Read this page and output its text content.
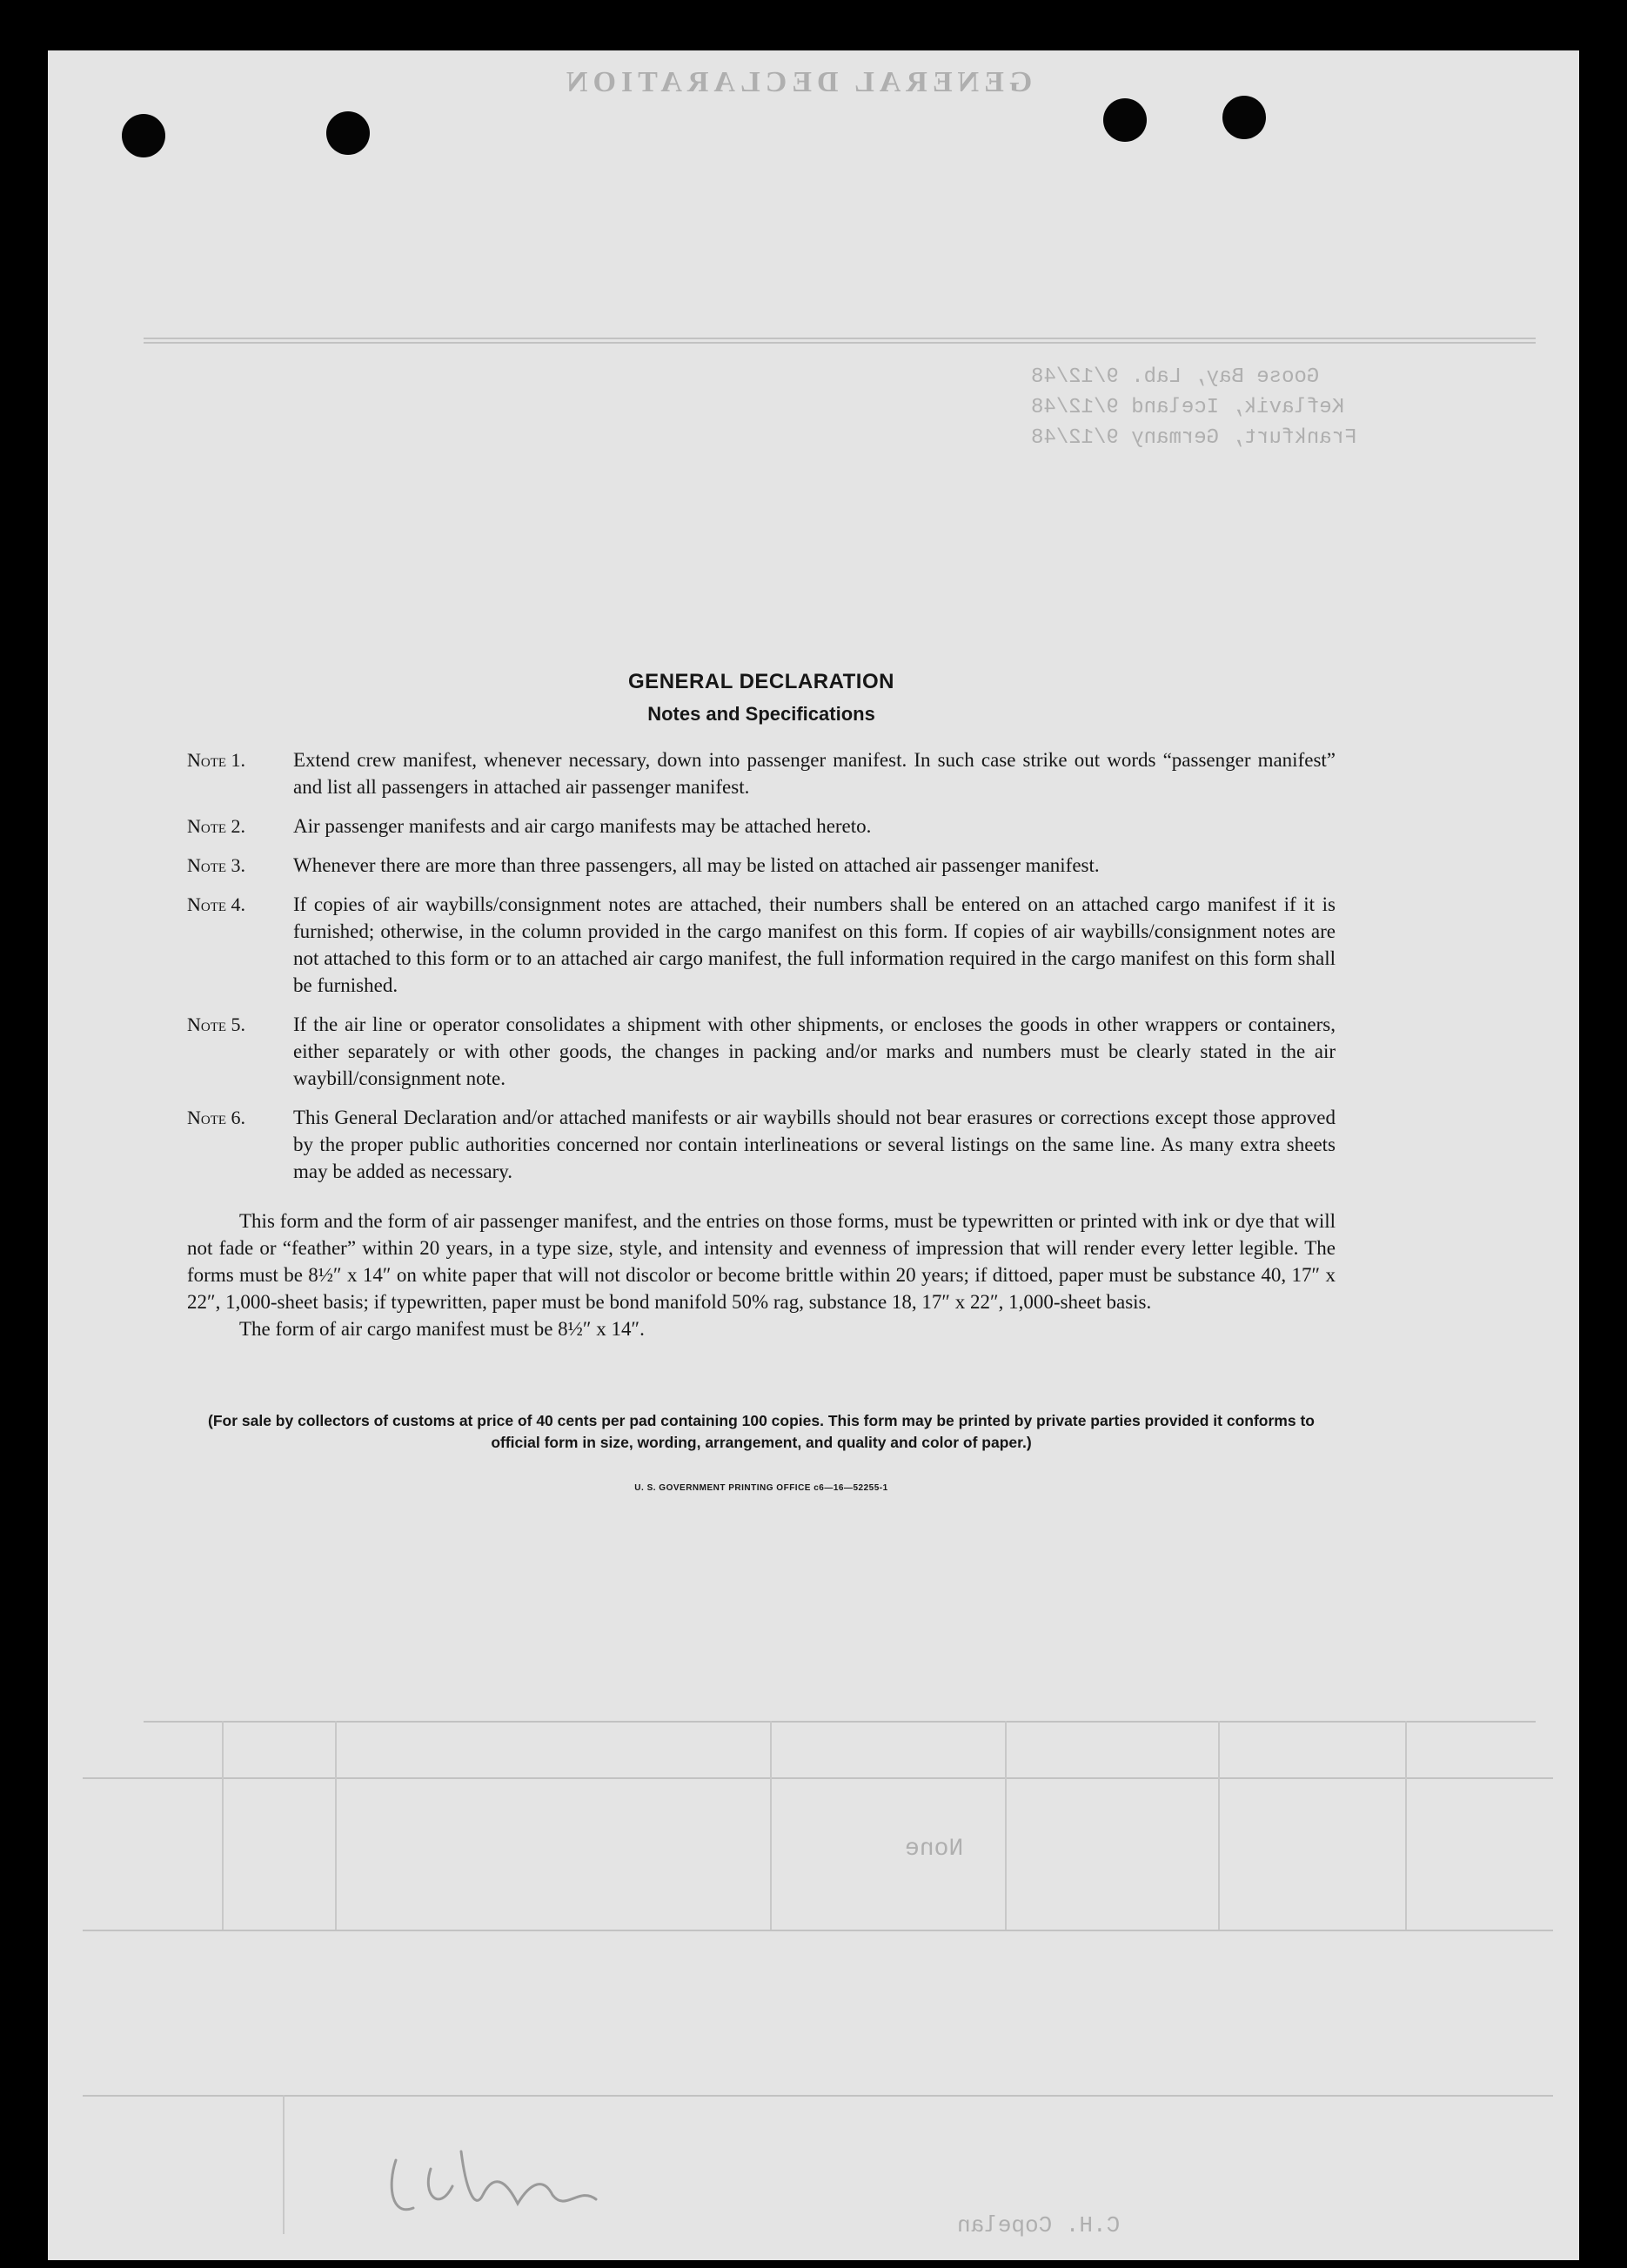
GENERAL DECLARATION
Goose Bay, Lab. 9/12/48
Keflavik, Iceland 9/12/48
Frankfurt, Germany 9/12/48
None
C.H. Copelan
GENERAL DECLARATION
Notes and Specifications
Note 1.	Extend crew manifest, whenever necessary, down into passenger manifest. In such case strike out words “passenger manifest” and list all passengers in attached air passenger manifest.
Note 2.	Air passenger manifests and air cargo manifests may be attached hereto.
Note 3.	Whenever there are more than three passengers, all may be listed on attached air passenger manifest.
Note 4.	If copies of air waybills/consignment notes are attached, their numbers shall be entered on an attached cargo manifest if it is furnished; otherwise, in the column provided in the cargo manifest on this form. If copies of air waybills/consignment notes are not attached to this form or to an attached air cargo manifest, the full information required in the cargo manifest on this form shall be furnished.
Note 5.	If the air line or operator consolidates a shipment with other shipments, or encloses the goods in other wrappers or containers, either separately or with other goods, the changes in packing and/or marks and numbers must be clearly stated in the air waybill/consignment note.
Note 6.	This General Declaration and/or attached manifests or air waybills should not bear erasures or corrections except those approved by the proper public authorities concerned nor contain interlineations or several listings on the same line. As many extra sheets may be added as necessary.

This form and the form of air passenger manifest, and the entries on those forms, must be typewritten or printed with ink or dye that will not fade or “feather” within 20 years, in a type size, style, and intensity and evenness of impression that will render every letter legible. The forms must be 8½″ x 14″ on white paper that will not discolor or become brittle within 20 years; if dittoed, paper must be substance 40, 17″ x 22″, 1,000-sheet basis; if typewritten, paper must be bond manifold 50% rag, substance 18, 17″ x 22″, 1,000-sheet basis.

The form of air cargo manifest must be 8½″ x 14″.

(For sale by collectors of customs at price of 40 cents per pad containing 100 copies. This form may be printed by private parties provided it conforms to official form in size, wording, arrangement, and quality and color of paper.)
U. S. GOVERNMENT PRINTING OFFICE c6—16—52255-1
